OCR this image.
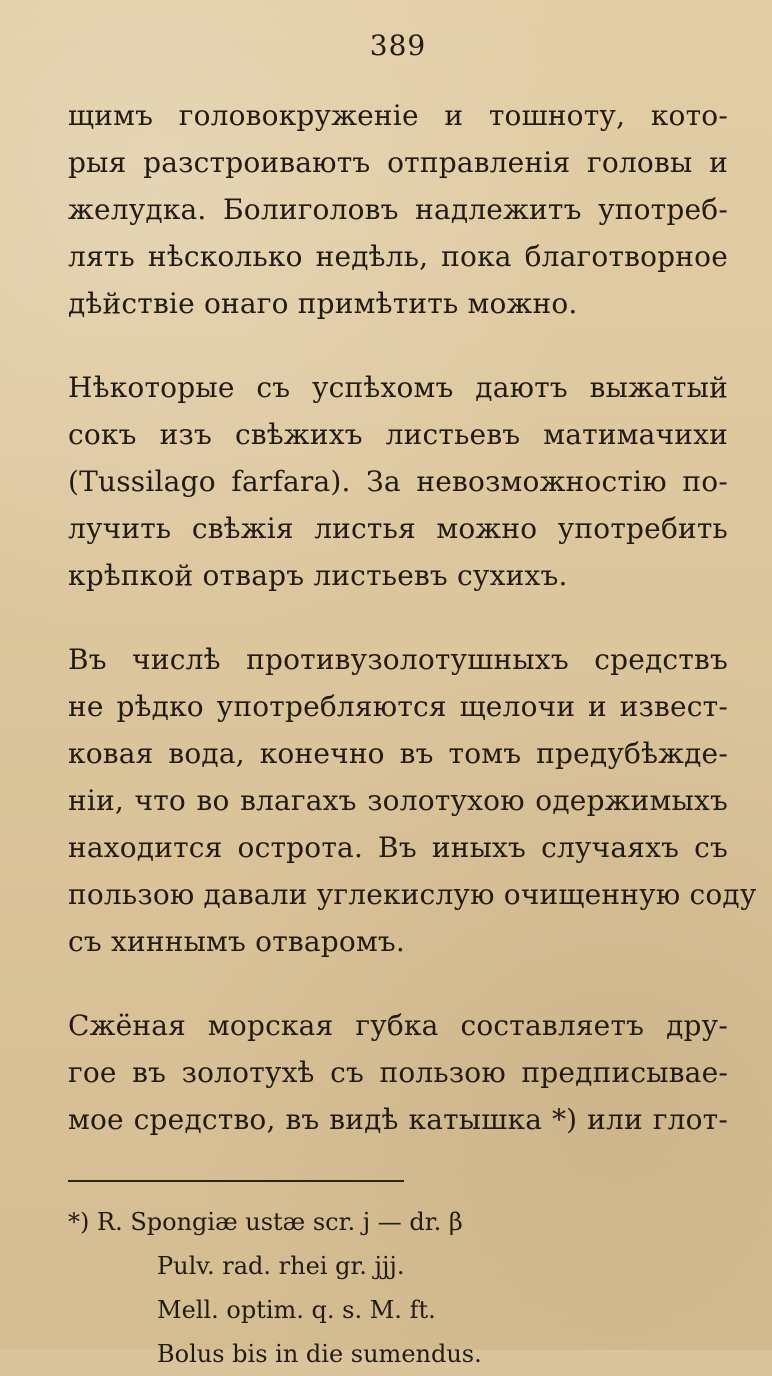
389
щимъ головокруженіе и тошноту, кото-
рыя разстроиваютъ отправленія головы и
желудка. Болиголовъ надлежитъ употреб-
лять нѣсколько недѣль, пока благотворное
дѣйствіе онаго примѣтить можно.
Нѣкоторые съ успѣхомъ даютъ выжатый
сокъ изъ свѣжихъ листьевъ матимачихи
(Tussilago farfara). За невозможностію по-
лучить свѣжія листья можно употребить
крѣпкой отваръ листьевъ сухихъ.
Въ числѣ противузолотушныхъ средствъ
не рѣдко употребляются щелочи и извест-
ковая вода, конечно въ томъ предубѣжде-
ніи, что во влагахъ золотухою одержимыхъ
находится острота. Въ иныхъ случаяхъ съ
пользою давали углекислую очищенную соду
съ хиннымъ отваромъ.
Сжёная морская губка составляетъ дру-
гое въ золотухѣ съ пользою предписывае-
мое средство, въ видѣ катышка *) или глот-
*) R. Spongiæ ustæ scr. j — dr. β
Pulv. rad. rhei gr. jjj.
Mell. optim. q. s. M. ft.
Bolus bis in die sumendus.
